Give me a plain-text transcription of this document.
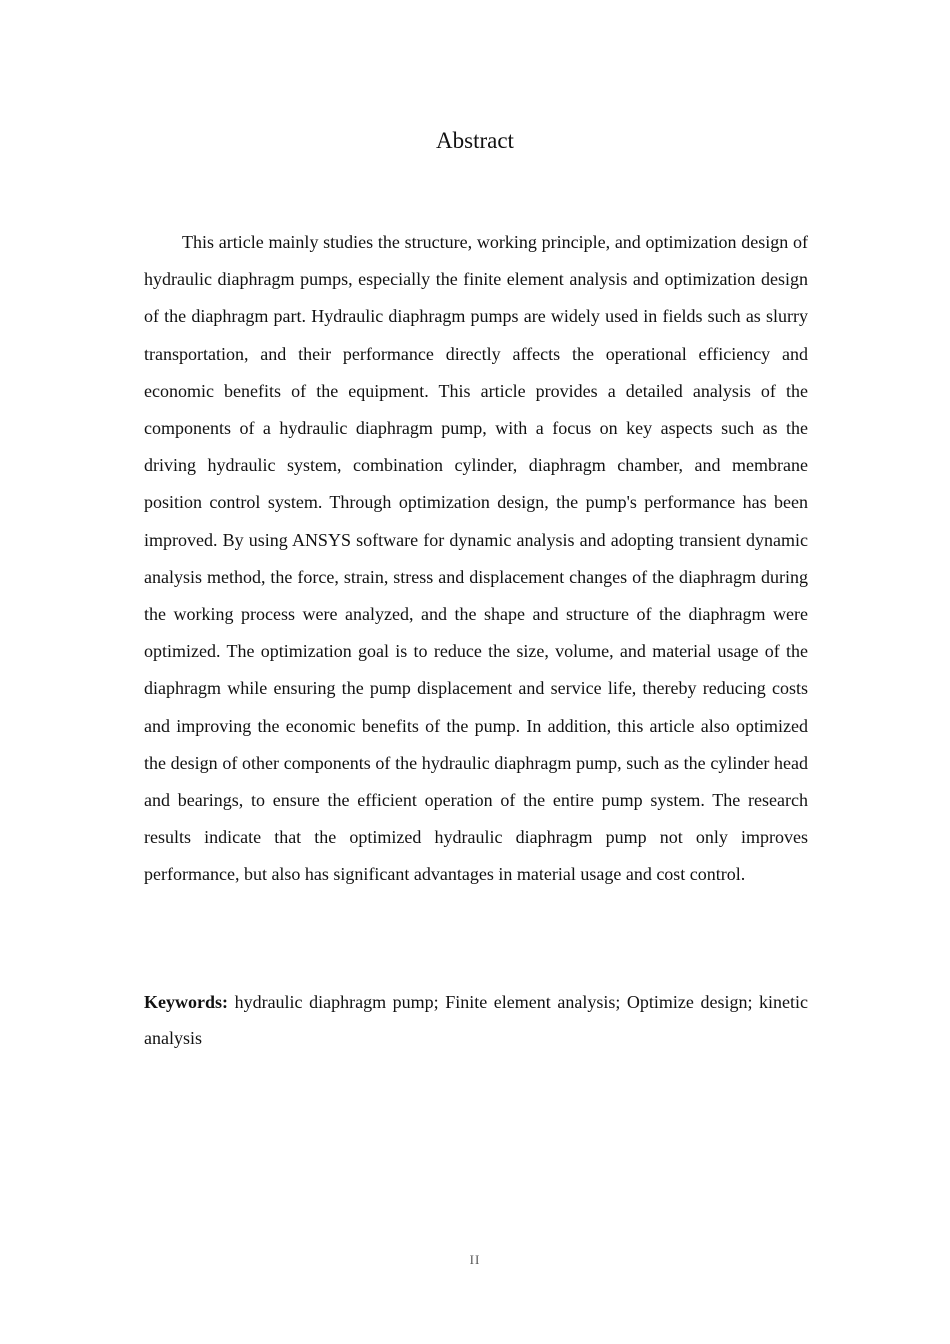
Abstract

This article mainly studies the structure, working principle, and optimization design of hydraulic diaphragm pumps, especially the finite element analysis and optimization design of the diaphragm part. Hydraulic diaphragm pumps are widely used in fields such as slurry transportation, and their performance directly affects the operational efficiency and economic benefits of the equipment. This article provides a detailed analysis of the components of a hydraulic diaphragm pump, with a focus on key aspects such as the driving hydraulic system, combination cylinder, diaphragm chamber, and membrane position control system. Through optimization design, the pump's performance has been improved. By using ANSYS software for dynamic analysis and adopting transient dynamic analysis method, the force, strain, stress and displacement changes of the diaphragm during the working process were analyzed, and the shape and structure of the diaphragm were optimized. The optimization goal is to reduce the size, volume, and material usage of the diaphragm while ensuring the pump displacement and service life, thereby reducing costs and improving the economic benefits of the pump. In addition, this article also optimized the design of other components of the hydraulic diaphragm pump, such as the cylinder head and bearings, to ensure the efficient operation of the entire pump system. The research results indicate that the optimized hydraulic diaphragm pump not only improves performance, but also has significant advantages in material usage and cost control.

Keywords: hydraulic diaphragm pump; Finite element analysis; Optimize design; kinetic analysis

II
